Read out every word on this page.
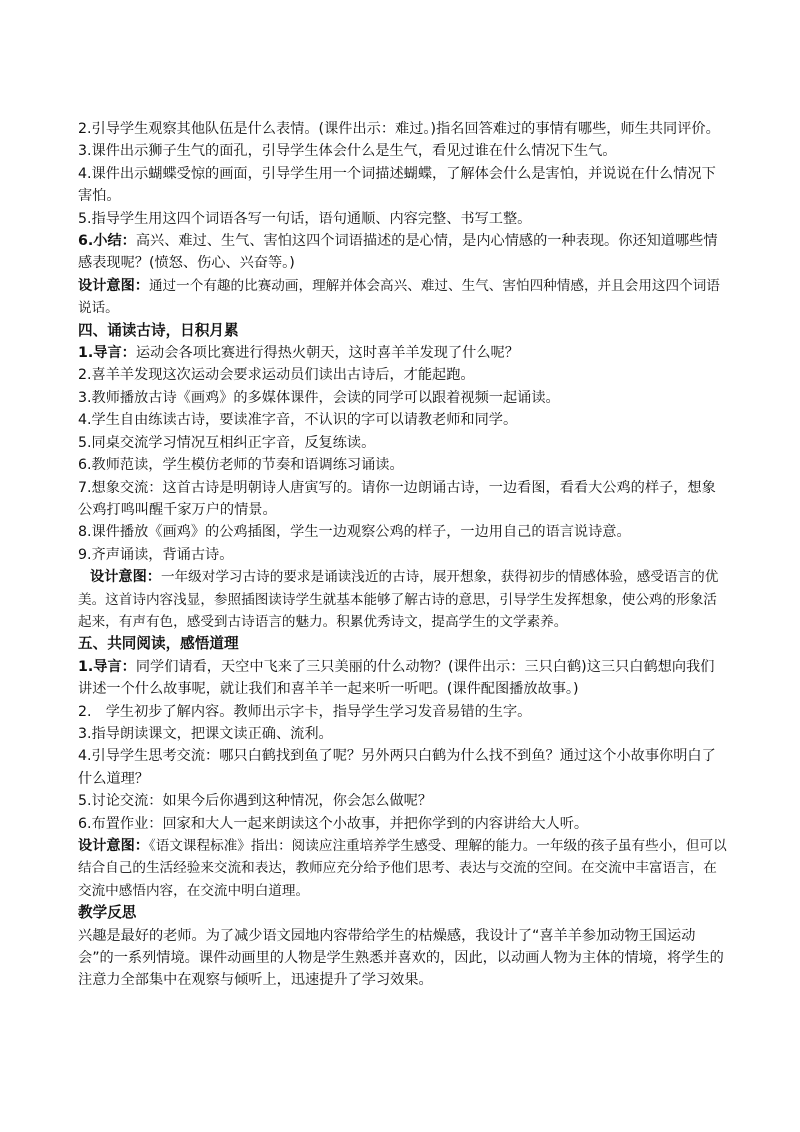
2.引导学生观察其他队伍是什么表情。(课件出示：难过。)指名回答难过的事情有哪些，师生共同评价。

3.课件出示狮子生气的面孔，引导学生体会什么是生气，看见过谁在什么情况下生气。

4.课件出示蝴蝶受惊的画面，引导学生用一个词描述蝴蝶，了解体会什么是害怕，并说说在什么情况下害怕。

5.指导学生用这四个词语各写一句话，语句通顺、内容完整、书写工整。

6.小结：高兴、难过、生气、害怕这四个词语描述的是心情，是内心情感的一种表现。你还知道哪些情感表现呢？(愤怒、伤心、兴奋等。)

设计意图：通过一个有趣的比赛动画，理解并体会高兴、难过、生气、害怕四种情感，并且会用这四个词语说话。

四、诵读古诗，日积月累

1.导言：运动会各项比赛进行得热火朝天，这时喜羊羊发现了什么呢？

2.喜羊羊发现这次运动会要求运动员们读出古诗后，才能起跑。

3.教师播放古诗《画鸡》的多媒体课件，会读的同学可以跟着视频一起诵读。

4.学生自由练读古诗，要读准字音，不认识的字可以请教老师和同学。

5.同桌交流学习情况互相纠正字音，反复练读。

6.教师范读，学生模仿老师的节奏和语调练习诵读。

7.想象交流：这首古诗是明朝诗人唐寅写的。请你一边朗诵古诗，一边看图，看看大公鸡的样子，想象公鸡打鸣叫醒千家万户的情景。

8.课件播放《画鸡》的公鸡插图，学生一边观察公鸡的样子，一边用自己的语言说诗意。

9.齐声诵读，背诵古诗。

设计意图：一年级对学习古诗的要求是诵读浅近的古诗，展开想象，获得初步的情感体验，感受语言的优美。这首诗内容浅显，参照插图读诗学生就基本能够了解古诗的意思，引导学生发挥想象，使公鸡的形象活起来，有声有色，感受到古诗语言的魅力。积累优秀诗文，提高学生的文学素养。

五、共同阅读，感悟道理

1.导言：同学们请看，天空中飞来了三只美丽的什么动物？(课件出示：三只白鹤)这三只白鹤想向我们讲述一个什么故事呢，就让我们和喜羊羊一起来听一听吧。(课件配图播放故事。)

2.　学生初步了解内容。教师出示字卡，指导学生学习发音易错的生字。

3.指导朗读课文，把课文读正确、流利。

4.引导学生思考交流：哪只白鹤找到鱼了呢？另外两只白鹤为什么找不到鱼？通过这个小故事你明白了什么道理？

5.讨论交流：如果今后你遇到这种情况，你会怎么做呢？

6.布置作业：回家和大人一起来朗读这个小故事，并把你学到的内容讲给大人听。

设计意图：《语文课程标准》指出：阅读应注重培养学生感受、理解的能力。一年级的孩子虽有些小，但可以结合自己的生活经验来交流和表达，教师应充分给予他们思考、表达与交流的空间。在交流中丰富语言，在交流中感悟内容，在交流中明白道理。

教学反思

兴趣是最好的老师。为了减少语文园地内容带给学生的枯燥感，我设计了“喜羊羊参加动物王国运动会”的一系列情境。课件动画里的人物是学生熟悉并喜欢的，因此，以动画人物为主体的情境，将学生的注意力全部集中在观察与倾听上，迅速提升了学习效果。
